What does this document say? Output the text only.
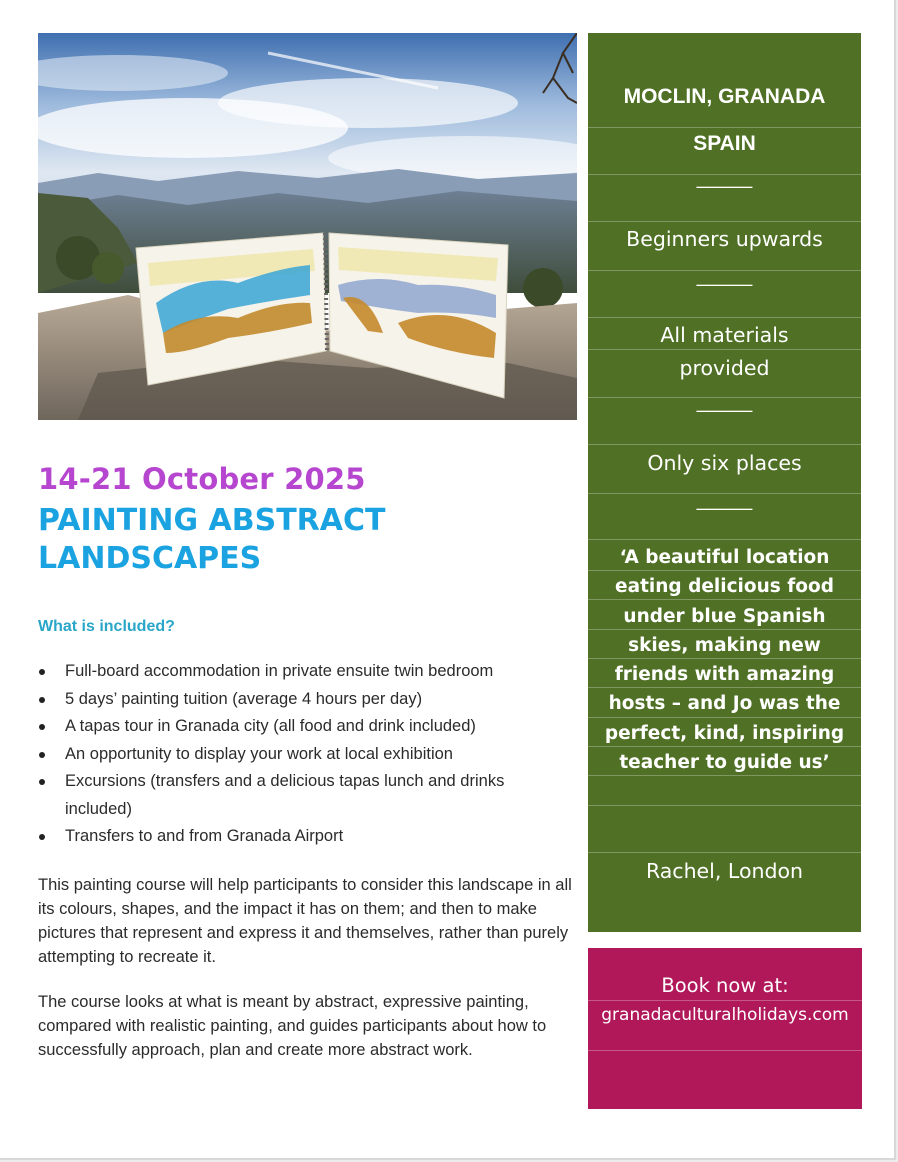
14-21 October 2025
PAINTING ABSTRACT
LANDSCAPES
What is included?
Full-board accommodation in private ensuite twin bedroom
5 days’ painting tuition (average 4 hours per day)
A tapas tour in Granada city (all food and drink included)
An opportunity to display your work at local exhibition
Excursions (transfers and a delicious tapas lunch and drinks included)
Transfers to and from Granada Airport

This painting course will help participants to consider this landscape in all its colours, shapes, and the impact it has on them; and then to make pictures that represent and express it and themselves, rather than purely attempting to recreate it.

The course looks at what is meant by abstract, expressive painting, compared with realistic painting, and guides participants about how to successfully approach, plan and create more abstract work.

MOCLIN, GRANADA
SPAIN
_____
Beginners upwards
_____
All materials
provided
_____
Only six places
_____
‘A beautiful location eating delicious food under blue Spanish skies, making new friends with amazing hosts – and Jo was the perfect, kind, inspiring teacher to guide us’
Rachel, London
Book now at:
granadaculturalholidays.com
